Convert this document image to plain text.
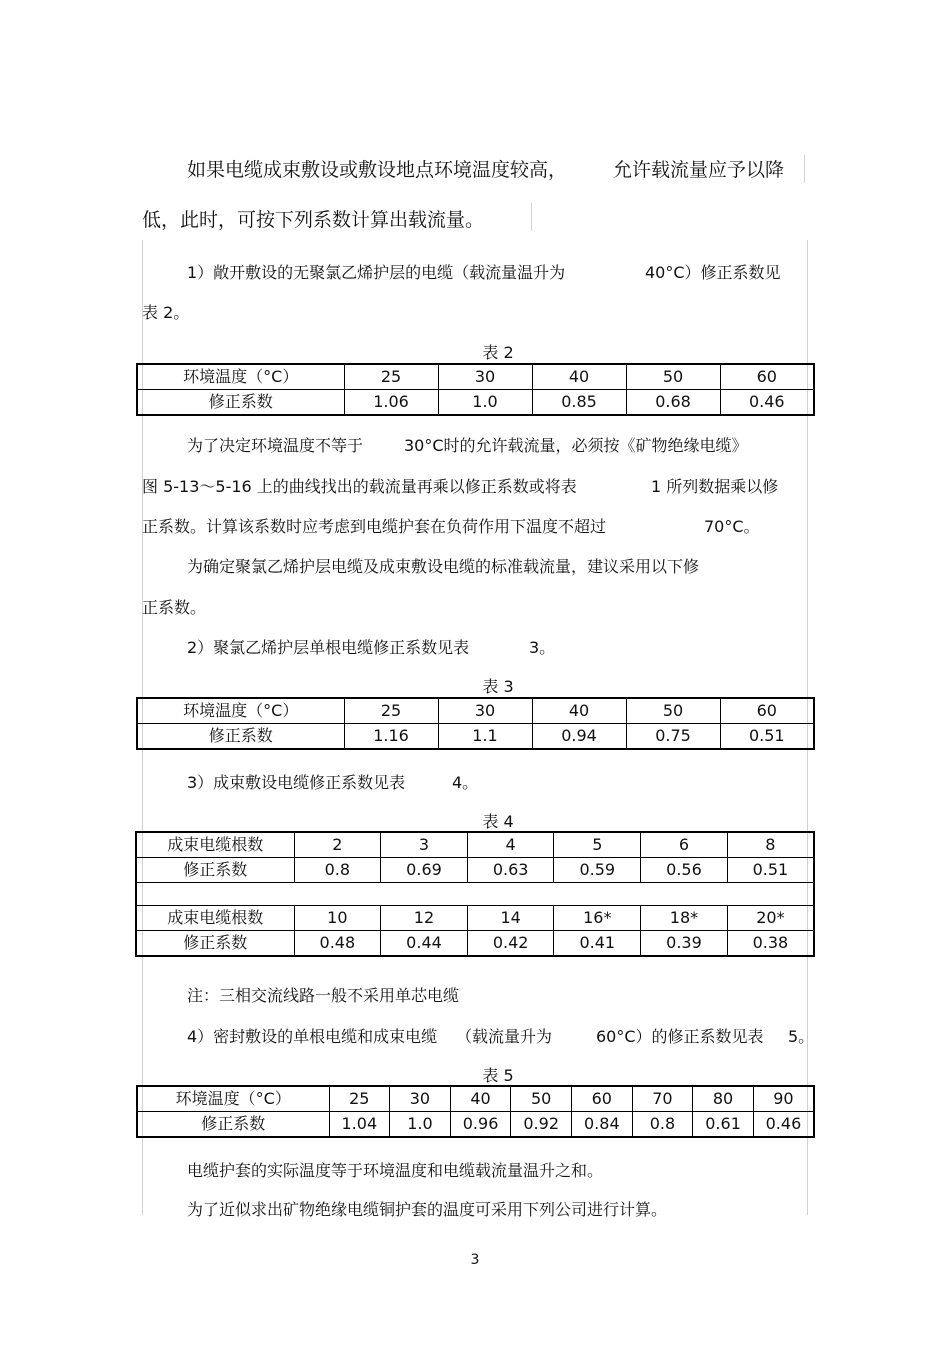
如果电缆成束敷设或敷设地点环境温度较高， 允许载流量应予以降
低，此时，可按下列系数计算出载流量。
1）敞开敷设的无聚氯乙烯护层的电缆（载流量温升为	40°C）修正系数见
表 2。
表 2
环境温度（°C）	25	30	40	50	60
修正系数	1.06	1.0	0.85	0.68	0.46
为了决定环境温度不等于	30°C时的允许载流量，必须按《矿物绝缘电缆》
图 5-13～5-16 上的曲线找出的载流量再乘以修正系数或将表	1 所列数据乘以修
正系数。计算该系数时应考虑到电缆护套在负荷作用下温度不超过	70°C。
为确定聚氯乙烯护层电缆及成束敷设电缆的标准载流量，建议采用以下修
正系数。
2）聚氯乙烯护层单根电缆修正系数见表	3。
表 3
环境温度（°C）	25	30	40	50	60
修正系数	1.16	1.1	0.94	0.75	0.51
3）成束敷设电缆修正系数见表	4。
表 4
成束电缆根数	2	3	4	5	6	8
修正系数	0.8	0.69	0.63	0.59	0.56	0.51

成束电缆根数	10	12	14	16*	18*	20*
修正系数	0.48	0.44	0.42	0.41	0.39	0.38
注：三相交流线路一般不采用单芯电缆
4）密封敷设的单根电缆和成束电缆 （载流量升为	60°C）的修正系数见表 5。
表 5
环境温度（°C）	25	30	40	50	60	70	80	90
修正系数	1.04	1.0	0.96	0.92	0.84	0.8	0.61	0.46
电缆护套的实际温度等于环境温度和电缆载流量温升之和。
为了近似求出矿物绝缘电缆铜护套的温度可采用下列公司进行计算。
3
